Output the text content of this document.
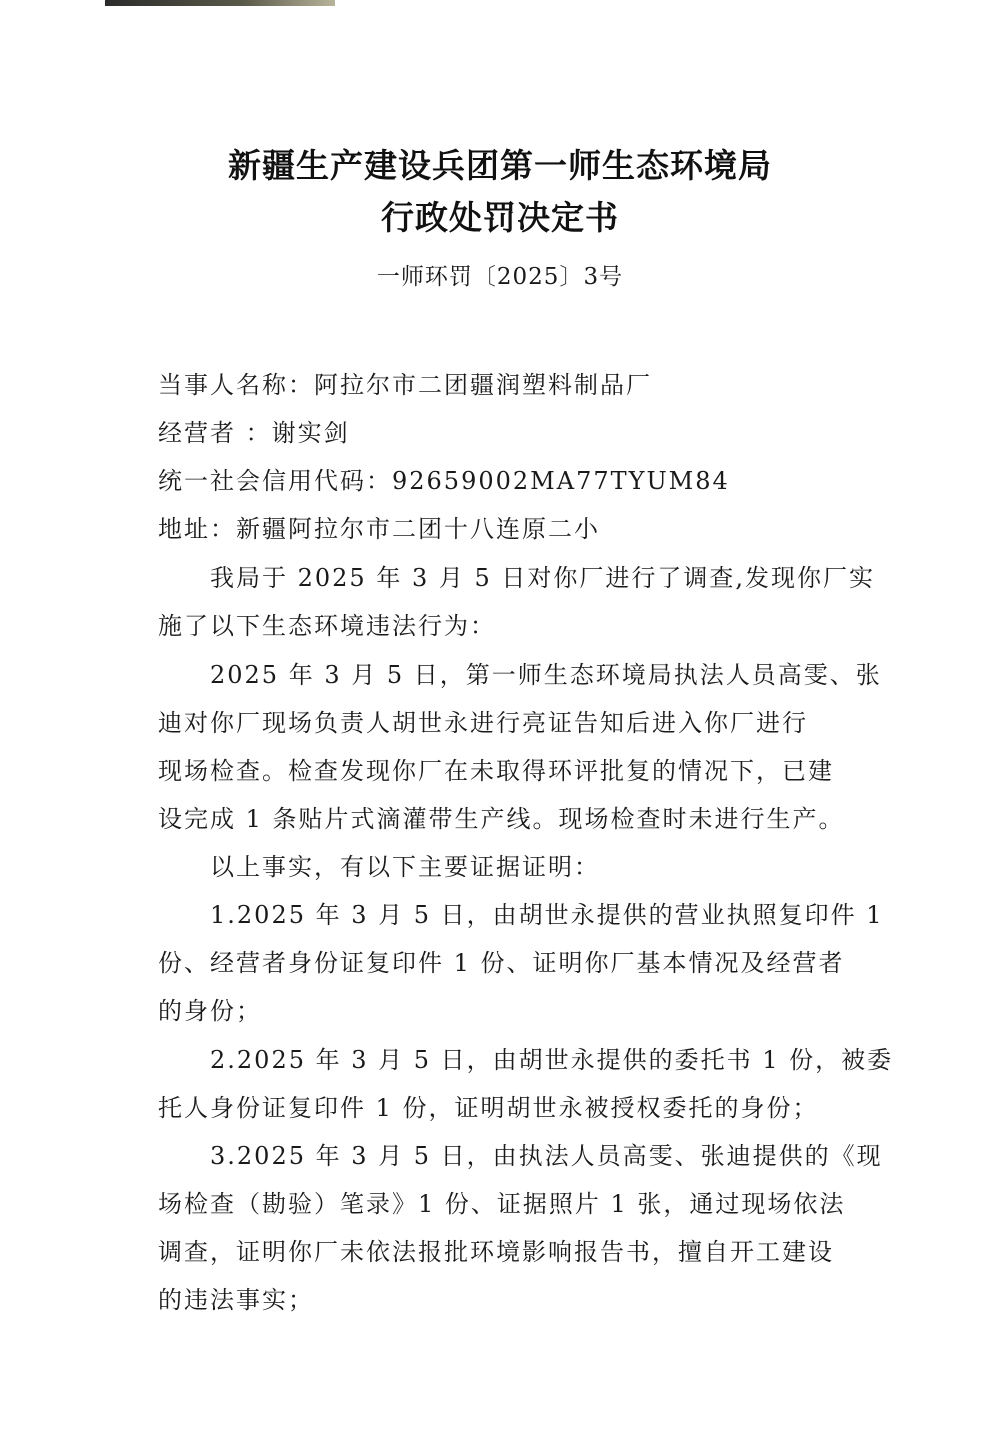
新疆生产建设兵团第一师生态环境局
行政处罚决定书
一师环罚〔2025〕3号
当事人名称：阿拉尔市二团疆润塑料制品厂
经营者 ：谢实剑
统一社会信用代码：92659002MA77TYUM84
地址：新疆阿拉尔市二团十八连原二小
我局于 2025 年 3 月 5 日对你厂进行了调查,发现你厂实
施了以下生态环境违法行为：
2025 年 3 月 5 日，第一师生态环境局执法人员高雯、张
迪对你厂现场负责人胡世永进行亮证告知后进入你厂进行
现场检查。检查发现你厂在未取得环评批复的情况下，已建
设完成 1 条贴片式滴灌带生产线。现场检查时未进行生产。
以上事实，有以下主要证据证明：
1.2025 年 3 月 5 日，由胡世永提供的营业执照复印件 1
份、经营者身份证复印件 1 份、证明你厂基本情况及经营者
的身份；
2.2025 年 3 月 5 日，由胡世永提供的委托书 1 份，被委
托人身份证复印件 1 份，证明胡世永被授权委托的身份；
3.2025 年 3 月 5 日，由执法人员高雯、张迪提供的《现
场检查（勘验）笔录》1 份、证据照片 1 张，通过现场依法
调查，证明你厂未依法报批环境影响报告书，擅自开工建设
的违法事实；
